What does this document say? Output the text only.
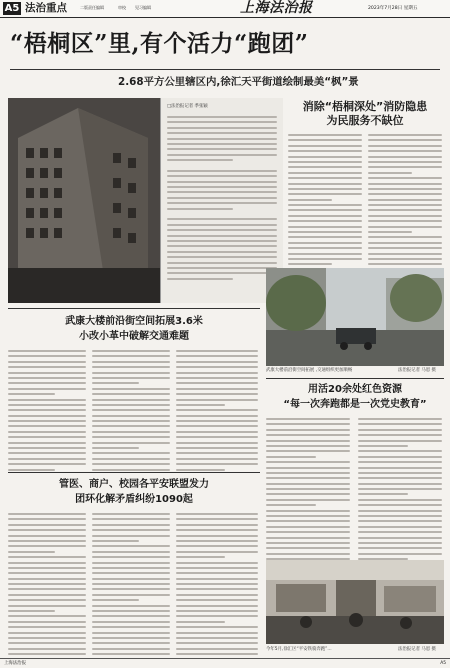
A5 法治重点	二版责任编辑	审校 见习编辑	上海法治报	2023年7月28日 星期五
“梧桐区”里,有个活力“跑团”
2.68平方公里辖区内,徐汇天平街道绘制最美“枫”景
□法治报记者 季张颖	消除“梧桐深处”消防隐患
为民服务不缺位
武康大楼前沿街空间拓展 ,交通组织更加顺畅	法治报记者 马恩 摄
武康大楼前沿街空间拓展3.6米
小改小革中破解交通难题
用活20余处红色资源
“每一次奔跑都是一次党史教育”
管医、商户、校园各平安联盟发力
团环化解矛盾纠纷1090起
今年5月,徐汇区“平安铁骑奔跑”...	法治报记者 马恩 摄
上海法治报	A5
